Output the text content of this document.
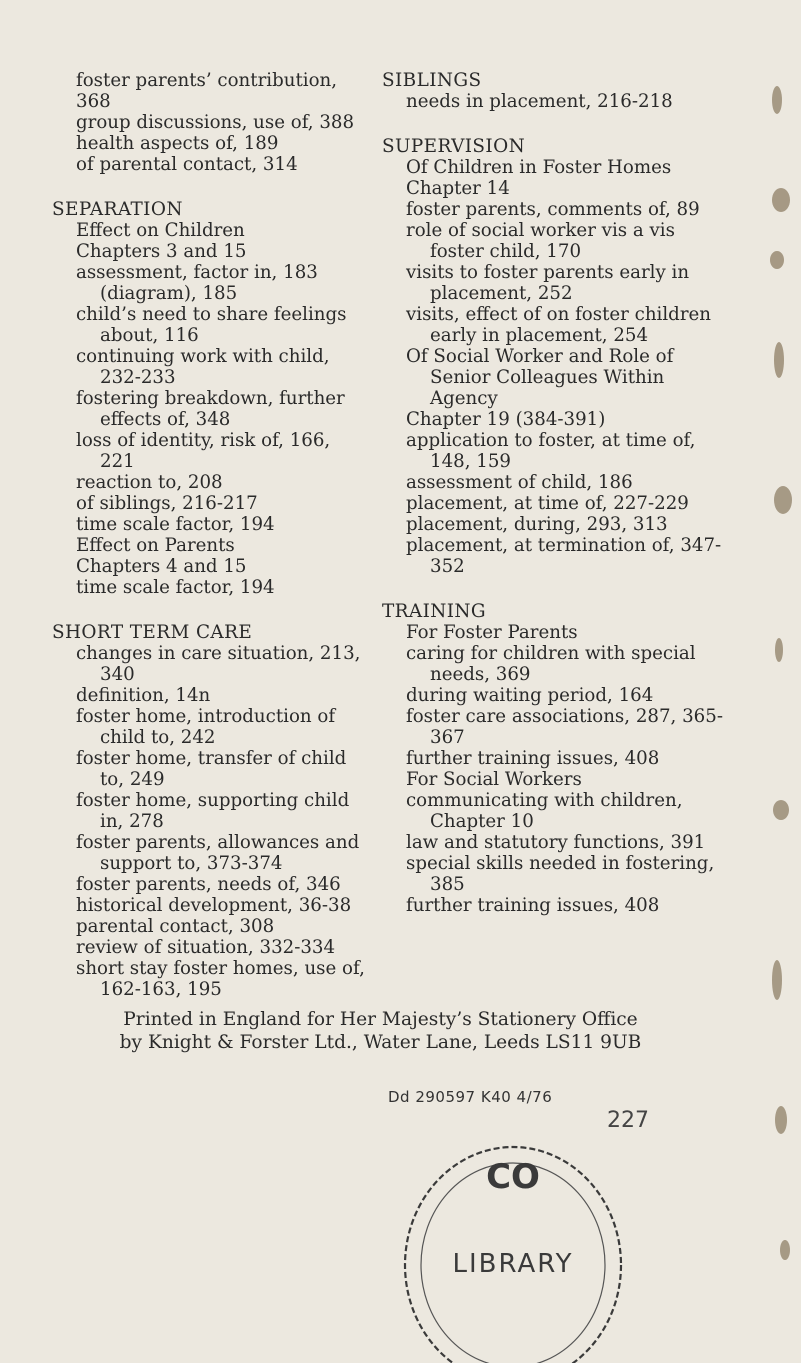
foster parents’ contribution, 368
group discussions, use of, 388
health aspects of, 189
of parental contact, 314
SEPARATION
Effect on Children
Chapters 3 and 15
assessment, factor in, 183 (diagram), 185
child’s need to share feelings about, 116
continuing work with child, 232-233
fostering breakdown, further effects of, 348
loss of identity, risk of, 166, 221
reaction to, 208
of siblings, 216-217
time scale factor, 194
Effect on Parents
Chapters 4 and 15
time scale factor, 194
SHORT TERM CARE
changes in care situation, 213, 340
definition, 14n
foster home, introduction of child to, 242
foster home, transfer of child to, 249
foster home, supporting child in, 278
foster parents, allowances and support to, 373-374
foster parents, needs of, 346
historical development, 36-38
parental contact, 308
review of situation, 332-334
short stay foster homes, use of, 162-163, 195
SIBLINGS
needs in placement, 216-218
SUPERVISION
Of Children in Foster Homes
Chapter 14
foster parents, comments of, 89
role of social worker vis a vis foster child, 170
visits to foster parents early in placement, 252
visits, effect of on foster children early in placement, 254
Of Social Worker and Role of Senior Colleagues Within Agency
Chapter 19 (384-391)
application to foster, at time of, 148, 159
assessment of child, 186
placement, at time of, 227-229
placement, during, 293, 313
placement, at termination of, 347-352
TRAINING
For Foster Parents
caring for children with special needs, 369
during waiting period, 164
foster care associations, 287, 365-367
further training issues, 408
For Social Workers
communicating with children, Chapter 10
law and statutory functions, 391
special skills needed in fostering, 385
further training issues, 408
Printed in England for Her Majesty’s Stationery Office
by Knight & Forster Ltd., Water Lane, Leeds LS11 9UB
Dd 290597 K40 4/76
227
CO
LIBRARY
